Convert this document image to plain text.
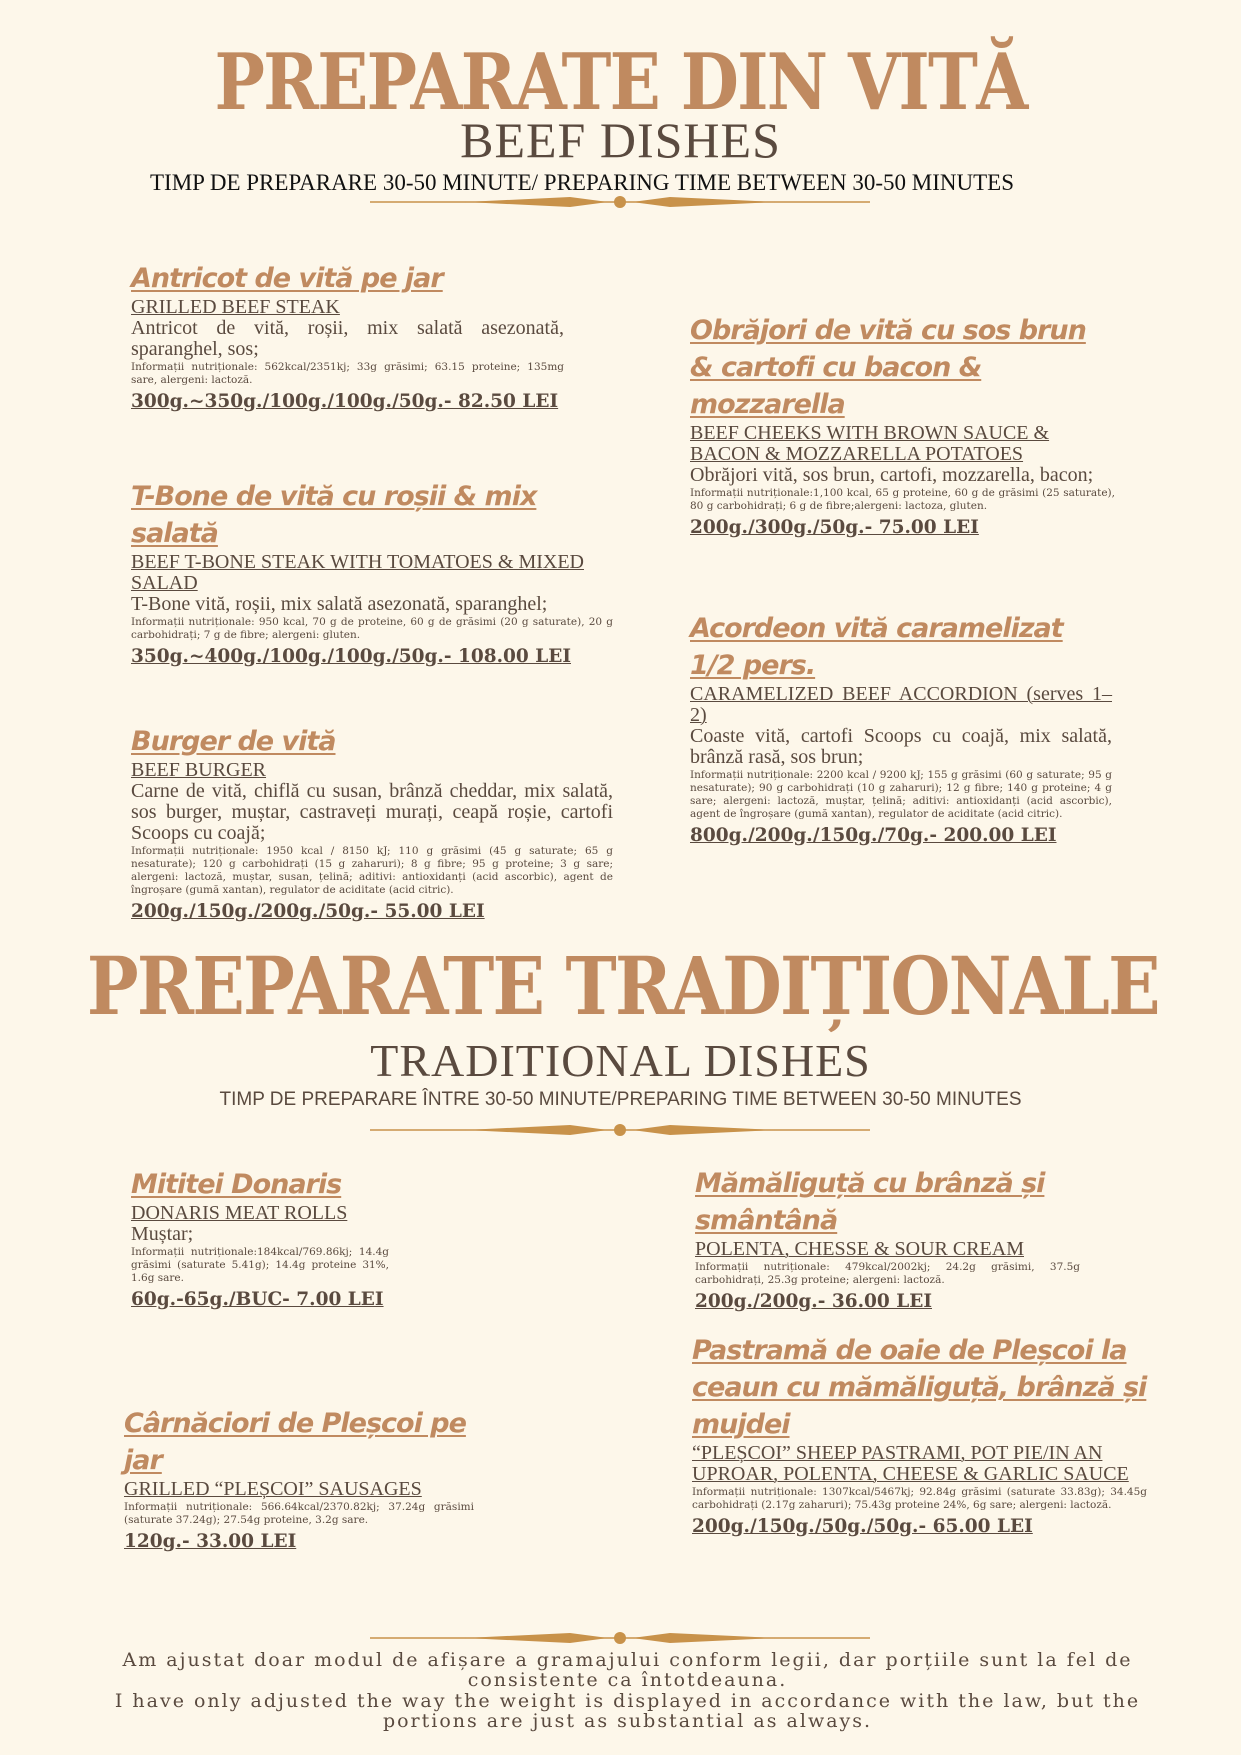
PREPARATE DIN VITĂ
BEEF DISHES
TIMP DE PREPARARE 30-50 MINUTE/ PREPARING TIME BETWEEN 30-50 MINUTES

Antricot de vită pe jar

GRILLED BEEF STEAK

Antricot de vită, roșii, mix salată asezonată, sparanghel, sos;

Informații nutriționale: 562kcal/2351kj; 33g grăsimi; 63.15 proteine; 135mg sare, alergeni: lactoză.

300g.~350g./100g./100g./50g.- 82.50 LEI

T-Bone de vită cu roșii & mix salată

BEEF T-BONE STEAK WITH TOMATOES & MIXED SALAD

T-Bone vită, roșii, mix salată asezonată, sparanghel;

Informații nutriționale: 950 kcal, 70 g de proteine, 60 g de grăsimi (20 g saturate), 20 g carbohidrați; 7 g de fibre; alergeni: gluten.

350g.~400g./100g./100g./50g.- 108.00 LEI

Burger de vită

BEEF BURGER

Carne de vită, chiflă cu susan, brânză cheddar, mix salată, sos burger, muștar, castraveți murați, ceapă roșie, cartofi Scoops cu coajă;

Informații nutriționale: 1950 kcal / 8150 kJ; 110 g grăsimi (45 g saturate; 65 g nesaturate); 120 g carbohidrați (15 g zaharuri); 8 g fibre; 95 g proteine; 3 g sare; alergeni: lactoză, muștar, susan, țelină; aditivi: antioxidanți (acid ascorbic), agent de îngroșare (gumă xantan), regulator de aciditate (acid citric).

200g./150g./200g./50g.- 55.00 LEI

Obrăjori de vită cu sos brun & cartofi cu bacon & mozzarella

BEEF CHEEKS WITH BROWN SAUCE & BACON & MOZZARELLA POTATOES

Obrăjori vită, sos brun, cartofi, mozzarella, bacon;

Informații nutriționale:1,100 kcal, 65 g proteine, 60 g de grăsimi (25 saturate), 80 g carbohidrați; 6 g de fibre;alergeni: lactoza, gluten.

200g./300g./50g.- 75.00 LEI

Acordeon vită caramelizat 1/2 pers.

CARAMELIZED BEEF ACCORDION (serves 1–2)

Coaste vită, cartofi Scoops cu coajă, mix salată, brânză rasă, sos brun;

Informații nutriționale: 2200 kcal / 9200 kJ; 155 g grăsimi (60 g saturate; 95 g nesaturate); 90 g carbohidrați (10 g zaharuri); 12 g fibre; 140 g proteine; 4 g sare; alergeni: lactoză, muștar, țelină; aditivi: antioxidanți (acid ascorbic), agent de îngroșare (gumă xantan), regulator de aciditate (acid citric).

800g./200g./150g./70g.- 200.00 LEI

PREPARATE TRADIȚIONALE
TRADITIONAL DISHES
TIMP DE PREPARARE ÎNTRE 30-50 MINUTE/PREPARING TIME BETWEEN 30-50 MINUTES

Mititei Donaris

DONARIS MEAT ROLLS

Muștar;

Informații nutriționale:184kcal/769.86kj; 14.4g grăsimi (saturate 5.41g); 14.4g proteine 31%, 1.6g sare.

60g.-65g./BUC- 7.00 LEI

Cârnăciori de Pleșcoi pe jar

GRILLED “PLEȘCOI” SAUSAGES

Informații nutriționale: 566.64kcal/2370.82kj; 37.24g grăsimi (saturate 37.24g); 27.54g proteine, 3.2g sare.

120g.- 33.00 LEI

Mămăliguță cu brânză și smântână

POLENTA, CHESSE & SOUR CREAM

Informații nutriționale: 479kcal/2002kj; 24.2g grăsimi, 37.5g carbohidrați, 25.3g proteine; alergeni: lactoză.

200g./200g.- 36.00 LEI

Pastramă de oaie de Pleșcoi la ceaun cu mămăliguță, brânză și mujdei

“PLEȘCOI” SHEEP PASTRAMI, POT PIE/IN AN UPROAR, POLENTA, CHEESE & GARLIC SAUCE

Informații nutriționale: 1307kcal/5467kj; 92.84g grăsimi (saturate 33.83g); 34.45g carbohidrați (2.17g zaharuri); 75.43g proteine 24%, 6g sare; alergeni: lactoză.

200g./150g./50g./50g.- 65.00 LEI

Am ajustat doar modul de afișare a gramajului conform legii, dar porțiile sunt la fel de consistente ca întotdeauna.
I have only adjusted the way the weight is displayed in accordance with the law, but the portions are just as substantial as always.
